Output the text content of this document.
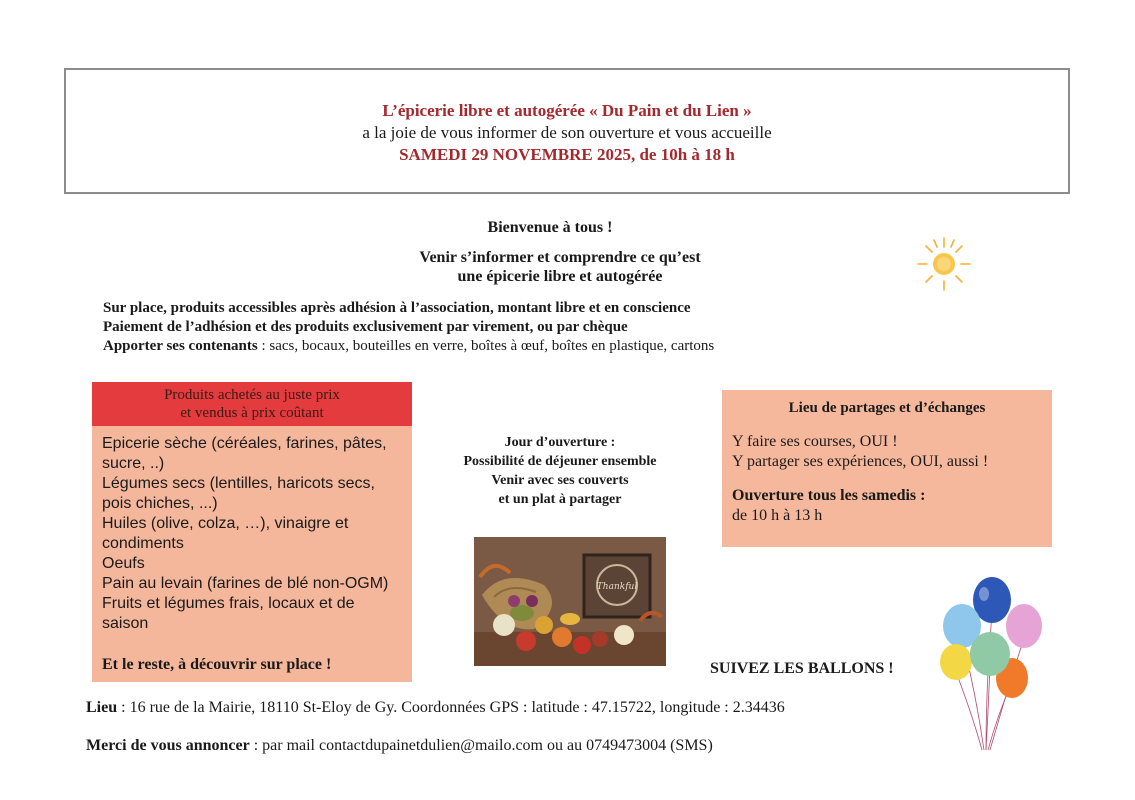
L’épicerie libre et autogérée « Du Pain et du Lien »
a la joie de vous informer de son ouverture et vous accueille
SAMEDI 29 NOVEMBRE 2025, de 10h à 18 h
Bienvenue à tous !
Venir s’informer et comprendre ce qu’est
une épicerie libre et autogérée
Sur place, produits accessibles après adhésion à l’association, montant libre et en conscience
Paiement de l’adhésion et des produits exclusivement par virement, ou par chèque
Apporter ses contenants : sacs, bocaux, bouteilles en verre, boîtes à œuf, boîtes en plastique, cartons
Produits achetés au juste prix
et vendus à prix coûtant
Epicerie sèche (céréales, farines, pâtes,
sucre, ..)
Légumes secs (lentilles, haricots secs,
pois chiches, ...)
Huiles (olive, colza, …), vinaigre et
condiments
Oeufs
Pain au levain (farines de blé non-OGM)
Fruits et légumes frais, locaux et de
saison
Et le reste, à découvrir sur place !
Jour d’ouverture :
Possibilité de déjeuner ensemble
Venir avec ses couverts
et un plat à partager
Thankful
Lieu de partages et d’échanges
Y faire ses courses, OUI !
Y partager ses expériences, OUI, aussi !
Ouverture tous les samedis :
de 10 h à 13 h
SUIVEZ LES BALLONS !
Lieu : 16 rue de la Mairie, 18110 St-Eloy de Gy. Coordonnées GPS : latitude : 47.15722, longitude : 2.34436
Merci de vous annoncer : par mail contactdupainetdulien@mailo.com ou au 0749473004 (SMS)
